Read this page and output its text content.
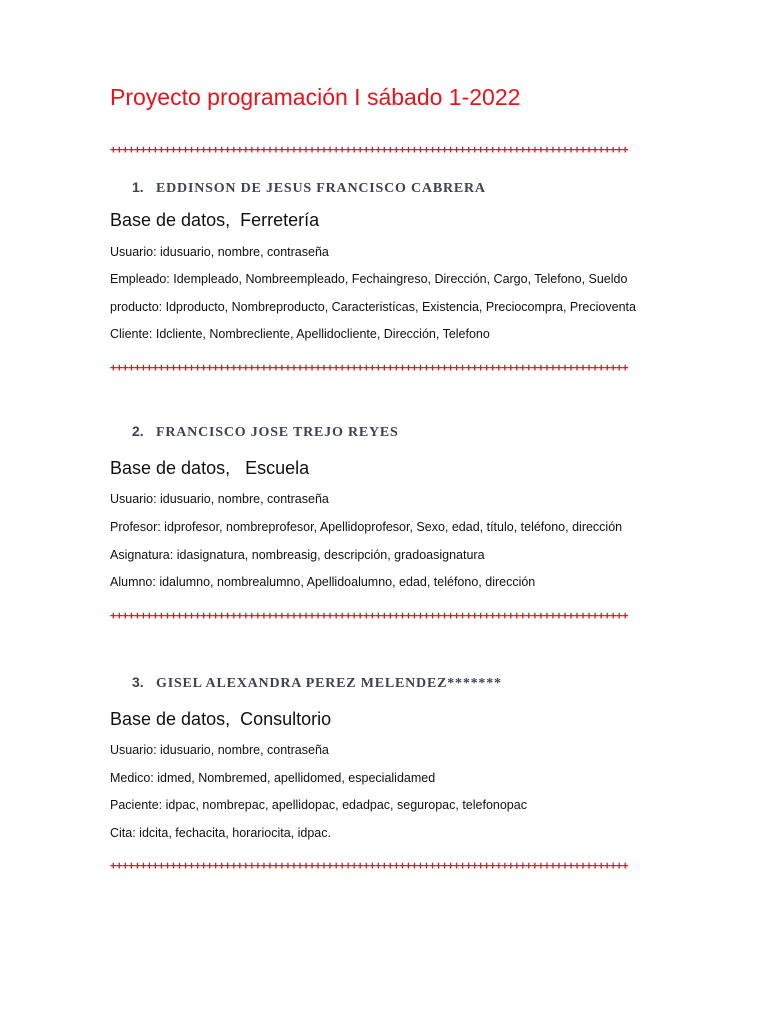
Proyecto programación I sábado 1-2022
++++++++++++++++++++++++++++++++++++++++++++++++++++++++++++++++++++++++++++++++++++++
1. EDDINSON DE JESUS FRANCISCO CABRERA
Base de datos,  Ferretería
Usuario: idusuario, nombre, contraseña
Empleado: Idempleado, Nombreempleado, Fechaingreso, Dirección, Cargo, Telefono, Sueldo
producto: Idproducto, Nombreproducto, Caracteristícas, Existencia, Preciocompra, Precioventa
Cliente: Idcliente, Nombrecliente, Apellidocliente, Dirección, Telefono
++++++++++++++++++++++++++++++++++++++++++++++++++++++++++++++++++++++++++++++++++++++
2. FRANCISCO JOSE TREJO REYES
Base de datos,   Escuela
Usuario: idusuario, nombre, contraseña
Profesor: idprofesor, nombreprofesor, Apellidoprofesor, Sexo, edad, título, teléfono, dirección
Asignatura: idasignatura, nombreasig, descripción, gradoasignatura
Alumno: idalumno, nombrealumno, Apellidoalumno, edad, teléfono, dirección
++++++++++++++++++++++++++++++++++++++++++++++++++++++++++++++++++++++++++++++++++++++
3. GISEL ALEXANDRA PEREZ MELENDEZ*******
Base de datos,  Consultorio
Usuario: idusuario, nombre, contraseña
Medico: idmed, Nombremed, apellidomed, especialidamed
Paciente: idpac, nombrepac, apellidopac, edadpac, seguropac, telefonopac
Cita: idcita, fechacita, horariocita, idpac.
++++++++++++++++++++++++++++++++++++++++++++++++++++++++++++++++++++++++++++++++++++++
